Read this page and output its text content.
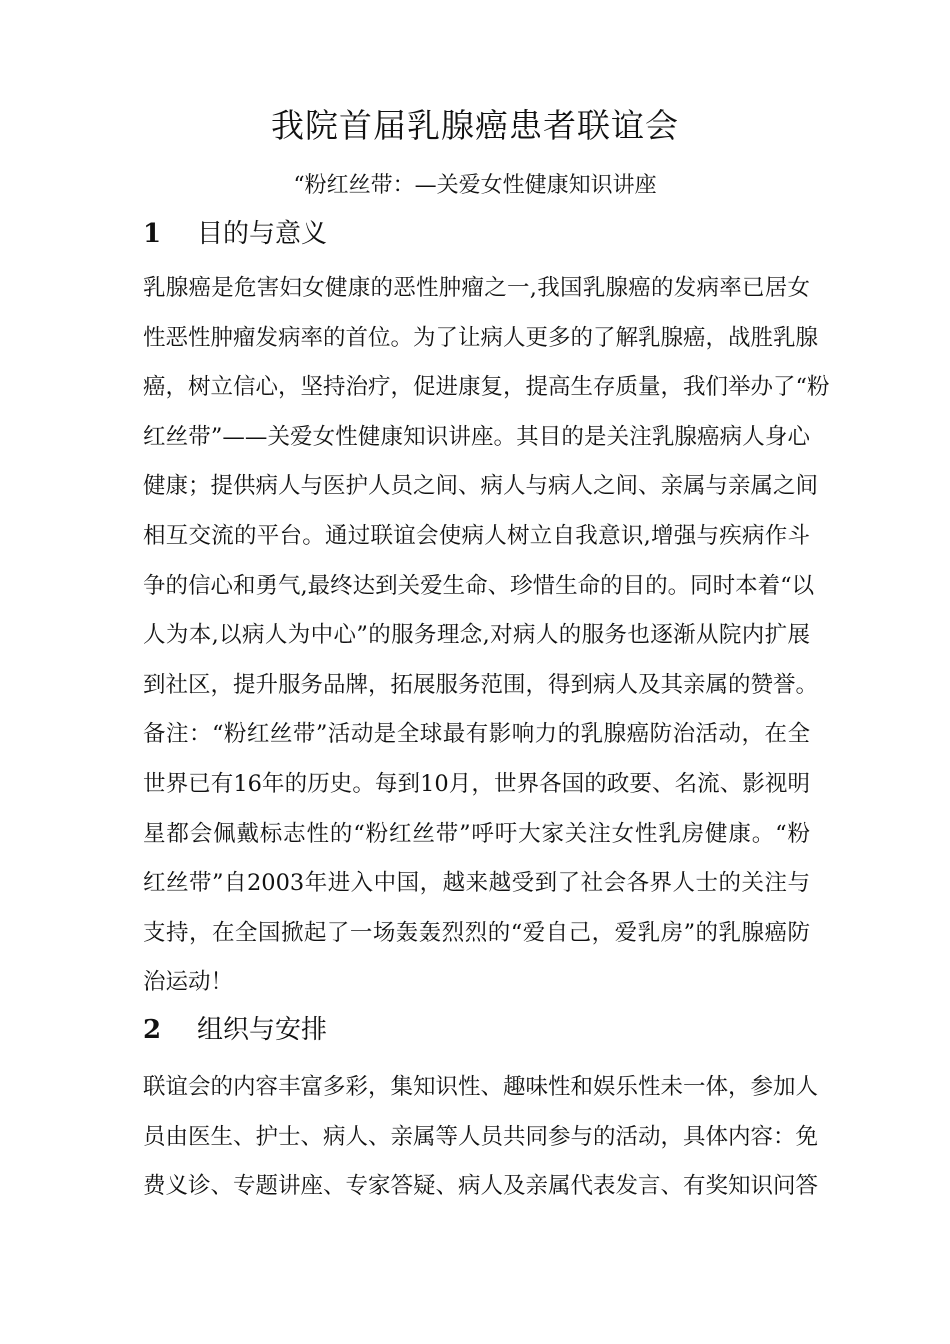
我院首届乳腺癌患者联谊会

“粉红丝带：—关爱女性健康知识讲座

1 目的与意义
乳腺癌是危害妇女健康的恶性肿瘤之一,我国乳腺癌的发病率已居女
性恶性肿瘤发病率的首位。为了让病人更多的了解乳腺癌，战胜乳腺
癌，树立信心，坚持治疗，促进康复，提高生存质量，我们举办了“粉
红丝带”——关爱女性健康知识讲座。其目的是关注乳腺癌病人身心
健康；提供病人与医护人员之间、病人与病人之间、亲属与亲属之间
相互交流的平台。通过联谊会使病人树立自我意识,增强与疾病作斗
争的信心和勇气,最终达到关爱生命、珍惜生命的目的。同时本着“以
人为本,以病人为中心”的服务理念,对病人的服务也逐渐从院内扩展
到社区，提升服务品牌，拓展服务范围，得到病人及其亲属的赞誉。
备注：“粉红丝带”活动是全球最有影响力的乳腺癌防治活动，在全
世界已有16年的历史。每到10月，世界各国的政要、名流、影视明
星都会佩戴标志性的“粉红丝带”呼吁大家关注女性乳房健康。“粉
红丝带”自2003年进入中国，越来越受到了社会各界人士的关注与
支持，在全国掀起了一场轰轰烈烈的“爱自己，爱乳房”的乳腺癌防
治运动！
2 组织与安排
联谊会的内容丰富多彩，集知识性、趣味性和娱乐性未一体，参加人
员由医生、护士、病人、亲属等人员共同参与的活动，具体内容：免
费义诊、专题讲座、专家答疑、病人及亲属代表发言、有奖知识问答
